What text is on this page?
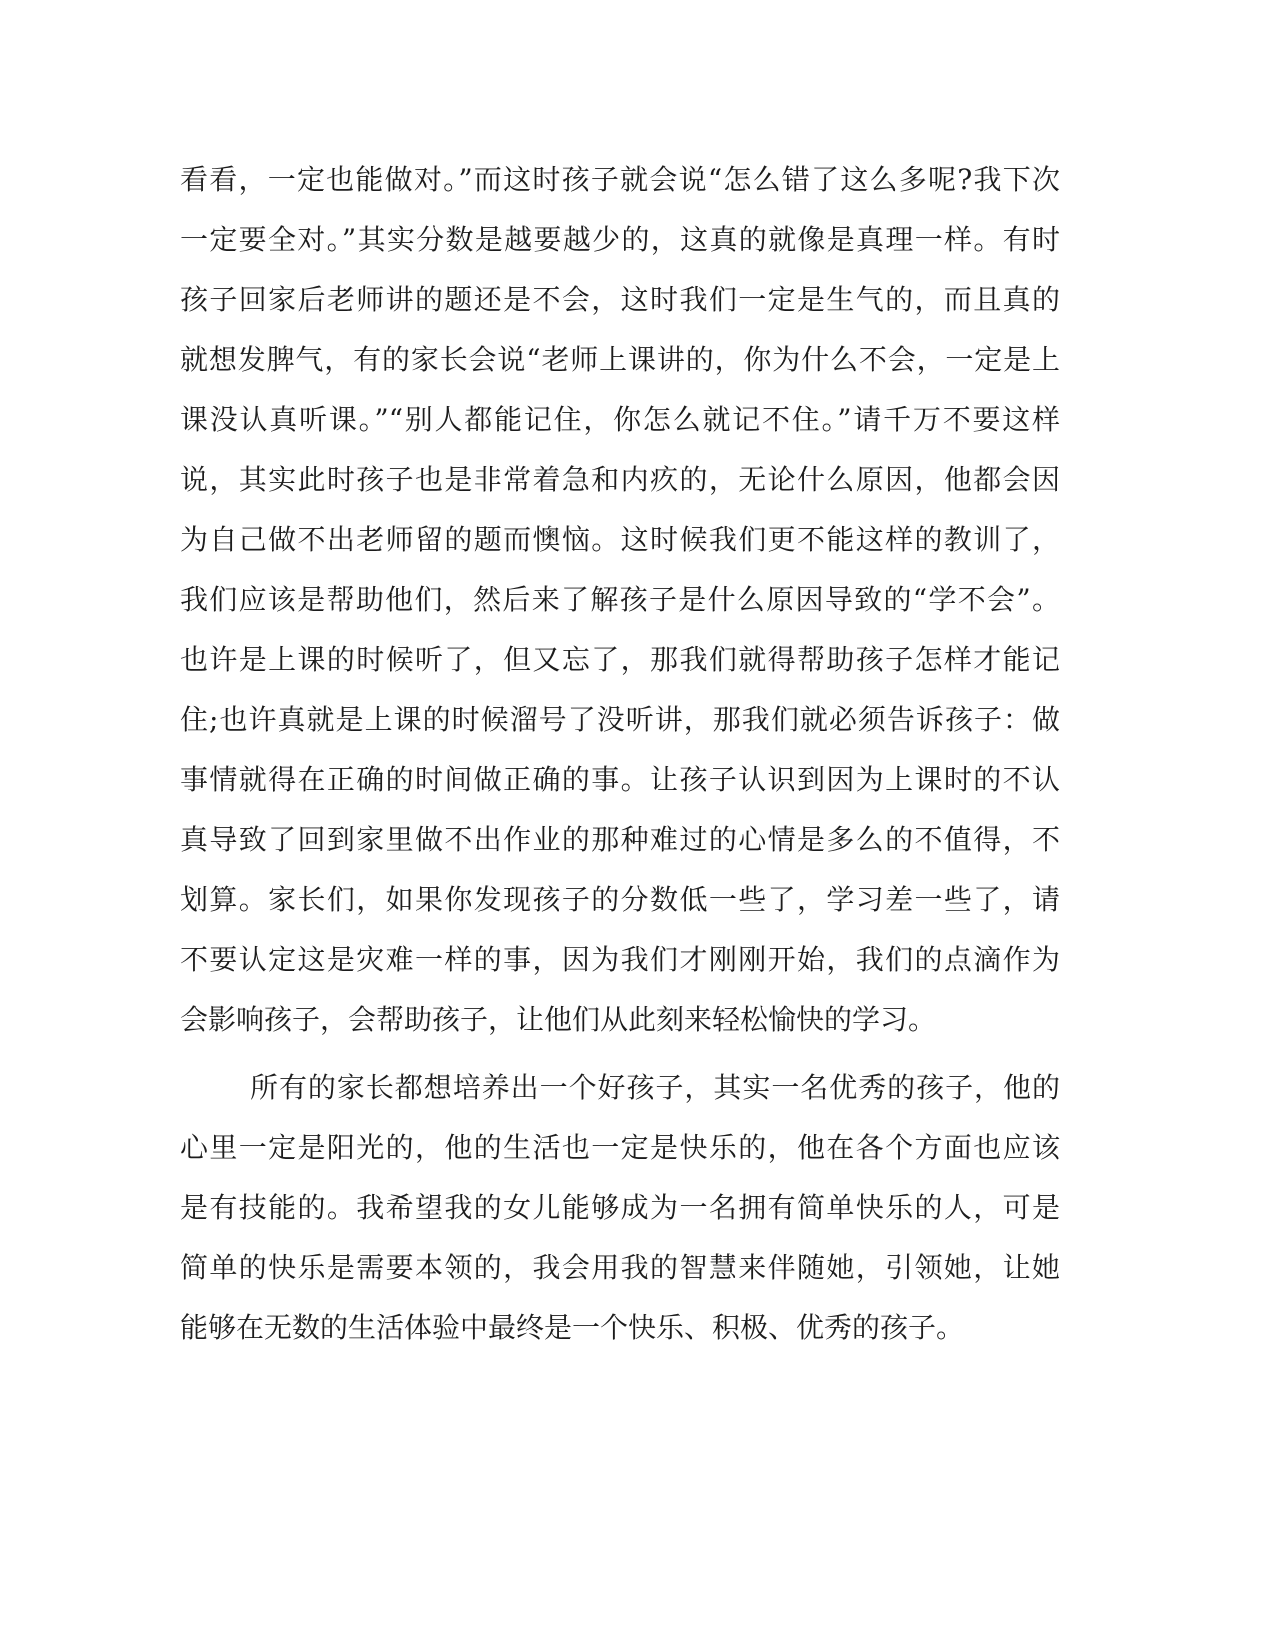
看看，一定也能做对。”而这时孩子就会说“怎么错了这么多呢?我下次
一定要全对。”其实分数是越要越少的，这真的就像是真理一样。有时
孩子回家后老师讲的题还是不会，这时我们一定是生气的，而且真的
就想发脾气，有的家长会说“老师上课讲的，你为什么不会，一定是上
课没认真听课。”“别人都能记住，你怎么就记不住。”请千万不要这样
说，其实此时孩子也是非常着急和内疚的，无论什么原因，他都会因
为自己做不出老师留的题而懊恼。这时候我们更不能这样的教训了，
我们应该是帮助他们，然后来了解孩子是什么原因导致的“学不会”。
也许是上课的时候听了，但又忘了，那我们就得帮助孩子怎样才能记
住;也许真就是上课的时候溜号了没听讲，那我们就必须告诉孩子：做
事情就得在正确的时间做正确的事。让孩子认识到因为上课时的不认
真导致了回到家里做不出作业的那种难过的心情是多么的不值得，不
划算。家长们，如果你发现孩子的分数低一些了，学习差一些了，请
不要认定这是灾难一样的事，因为我们才刚刚开始，我们的点滴作为
会影响孩子，会帮助孩子，让他们从此刻来轻松愉快的学习。
所有的家长都想培养出一个好孩子，其实一名优秀的孩子，他的
心里一定是阳光的，他的生活也一定是快乐的，他在各个方面也应该
是有技能的。我希望我的女儿能够成为一名拥有简单快乐的人，可是
简单的快乐是需要本领的，我会用我的智慧来伴随她，引领她，让她
能够在无数的生活体验中最终是一个快乐、积极、优秀的孩子。
